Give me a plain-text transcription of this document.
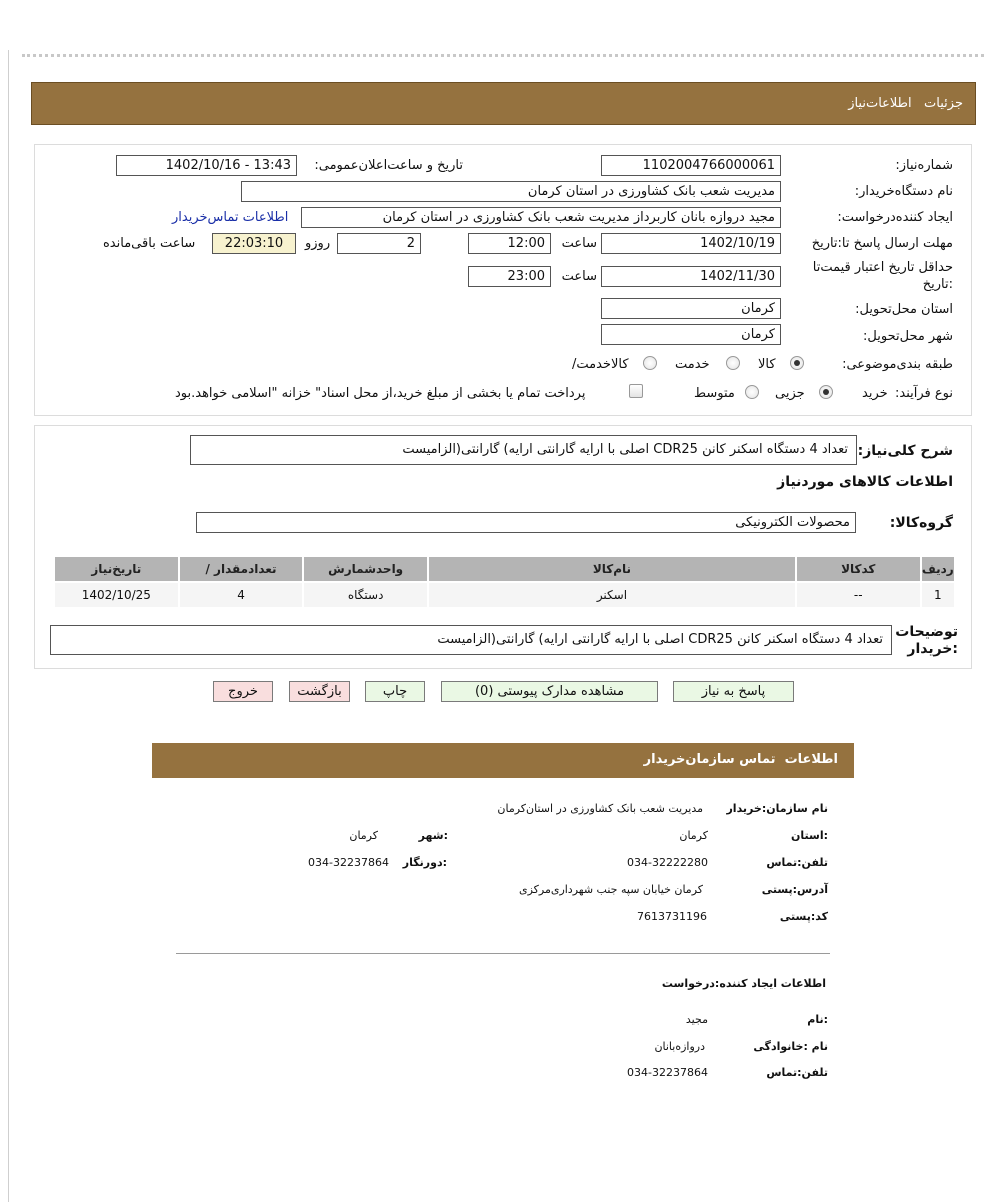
جزئیات   اطلاعات‌نیاز
شماره‌نیاز:
1102004766000061
تاریخ و ساعت‌اعلان‌عمومی:
1402/10/16 - 13:43
نام دستگاه‌خریدار:
مدیریت شعب بانک کشاورزی در استان کرمان
ایجاد کننده‌درخواست:
مجید دروازه بانان کاربرداز مدیریت شعب بانک کشاورزی در استان کرمان
اطلاعات تماس‌خریدار
مهلت ارسال پاسخ تا:تاریخ
1402/10/19
ساعت
12:00
2
روزو
22:03:10
ساعت باقی‌مانده
حداقل تاریخ اعتبار قیمت‌تا
:تاریخ
1402/11/30
ساعت
23:00
استان محل‌تحویل:
کرمان
شهر محل‌تحویل:
کرمان
طبقه بندی‌موضوعی:
کالا
خدمت
کالا‌خدمت/
نوع فرآیند:
خرید
جزیی
متوسط
پرداخت تمام یا بخشی از مبلغ خرید،از محل اسناد" خزانه "اسلامی خواهد.بود
شرح کلی‌نیاز:
تعداد 4 دستگاه اسکنر کانن CDR25 اصلی با ارایه گارانتی ارایه) گارانتی(الزامیست
اطلاعات کالاهای مورد‌نیاز
گروه‌کالا:
محصولات الکترونیکی
ردیف	کدکالا	نام‌کالا	واحدشمارش	تعدادمقدار /	تاریخ‌نیاز
1	--	اسکنر	دستگاه	4	1402/10/25
توضیحات
:خریدار
تعداد 4 دستگاه اسکنر کانن CDR25 اصلی با ارایه گارانتی ارایه) گارانتی(الزامیست
پاسخ به نیاز
مشاهده مدارک پیوستی (0)
چاپ
بازگشت
خروج
اطلاعات  تماس سازمان‌خریدار
نام سازمان:خریدار
مدیریت شعب بانک کشاورزی در استان‌کرمان
:استان
کرمان
:شهر
کرمان
تلفن:تماس
034-32222280
:دورنگار
034-32237864
آدرس:پستی
کرمان خیابان سپه جنب شهرداری‌مرکزی
کد:پستی
7613731196
اطلاعات ایجاد کننده:درخواست
:نام
مجید
نام :خانوادگی
دروازه‌بانان
تلفن:تماس
034-32237864
